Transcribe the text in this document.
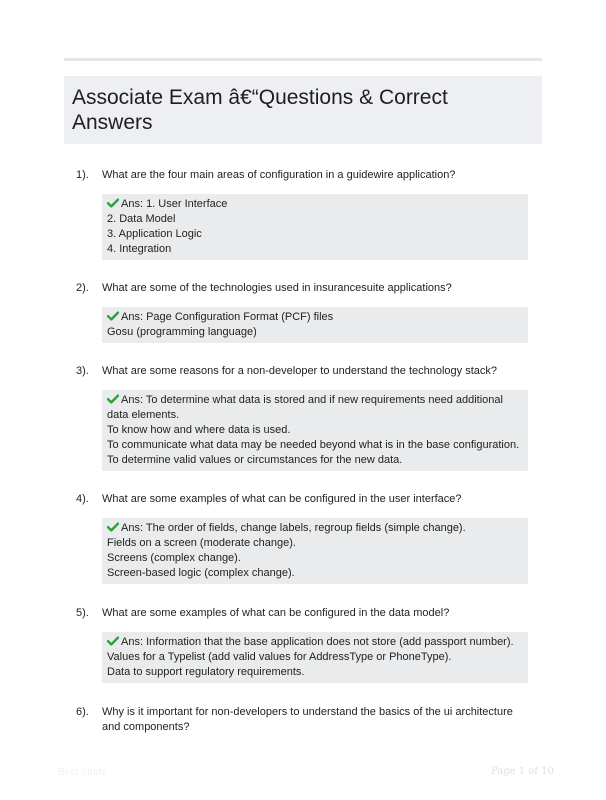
Associate Exam â€“Questions & Correct Answers
1). What are the four main areas of configuration in a guidewire application?
Ans: 1. User Interface
2. Data Model
3. Application Logic
4. Integration
2). What are some of the technologies used in insurancesuite applications?
Ans: Page Configuration Format (PCF) files
Gosu (programming language)
3). What are some reasons for a non-developer to understand the technology stack?
Ans: To determine what data is stored and if new requirements need additional data elements.
To know how and where data is used.
To communicate what data may be needed beyond what is in the base configuration.
To determine valid values or circumstances for the new data.
4). What are some examples of what can be configured in the user interface?
Ans: The order of fields, change labels, regroup fields (simple change).
Fields on a screen (moderate change).
Screens (complex change).
Screen-based logic (complex change).
5). What are some examples of what can be configured in the data model?
Ans: Information that the base application does not store (add passport number).
Values for a Typelist (add valid values for AddressType or PhoneType).
Data to support regulatory requirements.
6). Why is it important for non-developers to understand the basics of the ui architecture and components?
Best Study	Page 1 of 10
